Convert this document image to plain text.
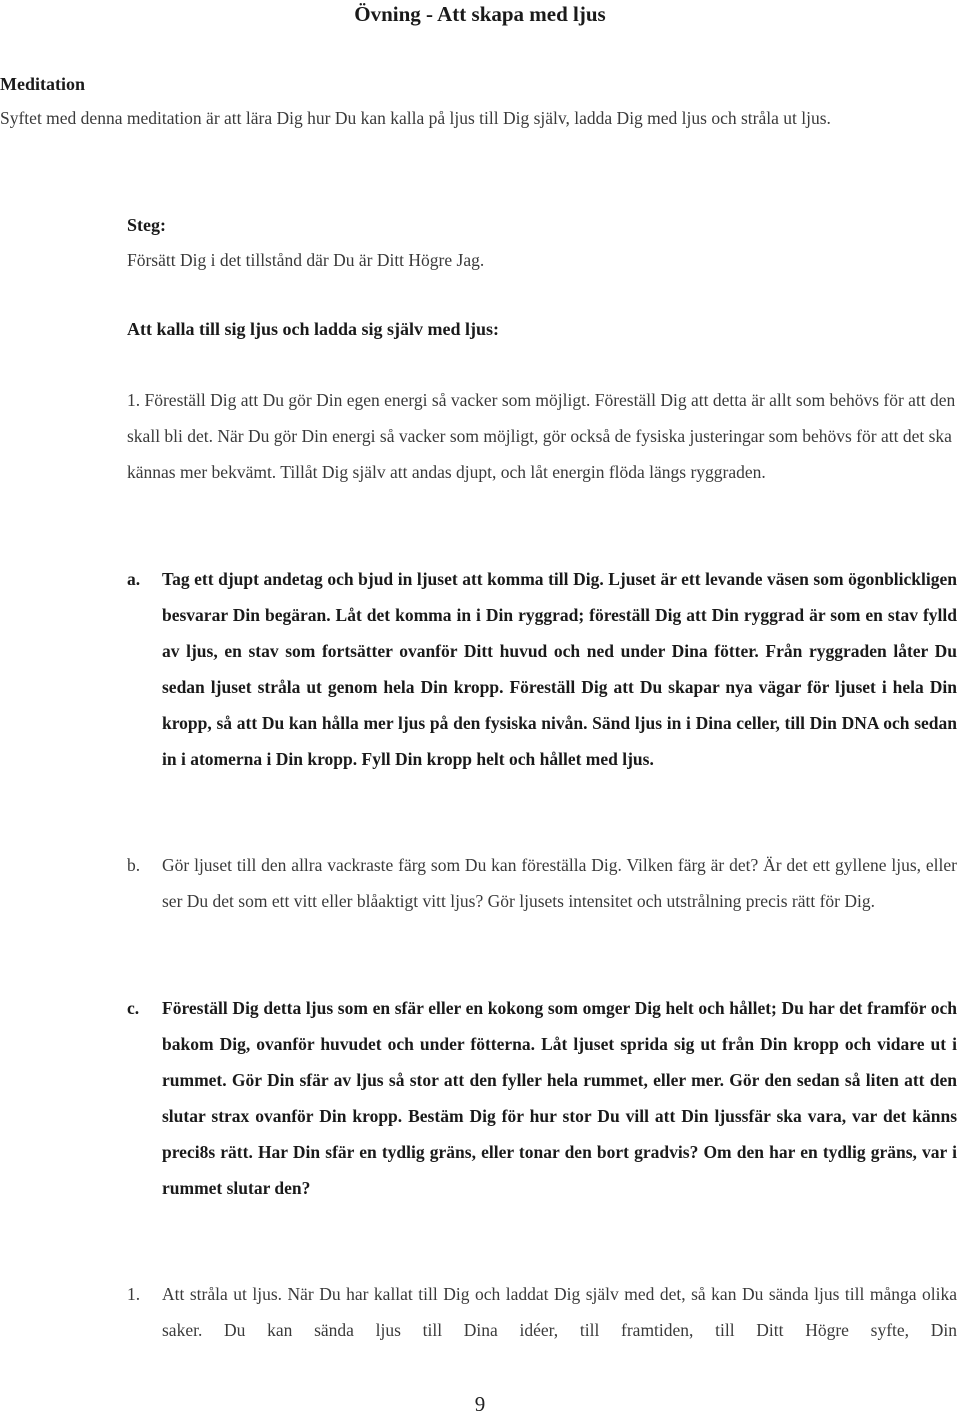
Övning - Att skapa med ljus
Meditation
Syftet med denna meditation är att lära Dig hur Du kan kalla på ljus till Dig själv, ladda Dig med ljus och stråla ut ljus.
Steg:
Försätt Dig i det tillstånd där Du är Ditt Högre Jag.
Att kalla till sig ljus och ladda sig själv med ljus:
1. Föreställ Dig att Du gör Din egen energi så vacker som möjligt. Föreställ Dig att detta är allt som behövs för att den skall bli det. När Du gör Din energi så vacker som möjligt, gör också de fysiska justeringar som behövs för att det ska kännas mer bekvämt. Tillåt Dig själv att andas djupt, och låt energin flöda längs ryggraden.
a. Tag ett djupt andetag och bjud in ljuset att komma till Dig. Ljuset är ett levande väsen som ögonblickligen besvarar Din begäran. Låt det komma in i Din ryggrad; föreställ Dig att Din ryggrad är som en stav fylld av ljus, en stav som fortsätter ovanför Ditt huvud och ned under Dina fötter. Från ryggraden låter Du sedan ljuset stråla ut genom hela Din kropp. Föreställ Dig att Du skapar nya vägar för ljuset i hela Din kropp, så att Du kan hålla mer ljus på den fysiska nivån. Sänd ljus in i Dina celler, till Din DNA och sedan in i atomerna i Din kropp. Fyll Din kropp helt och hållet med ljus.
b. Gör ljuset till den allra vackraste färg som Du kan föreställa Dig. Vilken färg är det? Är det ett gyllene ljus, eller ser Du det som ett vitt eller blåaktigt vitt ljus? Gör ljusets intensitet och utstrålning precis rätt för Dig.
c. Föreställ Dig detta ljus som en sfär eller en kokong som omger Dig helt och hållet; Du har det framför och bakom Dig, ovanför huvudet och under fötterna. Låt ljuset sprida sig ut från Din kropp och vidare ut i rummet. Gör Din sfär av ljus så stor att den fyller hela rummet, eller mer. Gör den sedan så liten att den slutar strax ovanför Din kropp. Bestäm Dig för hur stor Du vill att Din ljussfär ska vara, var det känns preci8s rätt. Har Din sfär en tydlig gräns, eller tonar den bort gradvis? Om den har en tydlig gräns, var i rummet slutar den?
1. Att stråla ut ljus. När Du har kallat till Dig och laddat Dig själv med det, så kan Du sända ljus till många olika saker. Du kan sända ljus till Dina idéer, till framtiden, till Ditt Högre syfte, Din
9
